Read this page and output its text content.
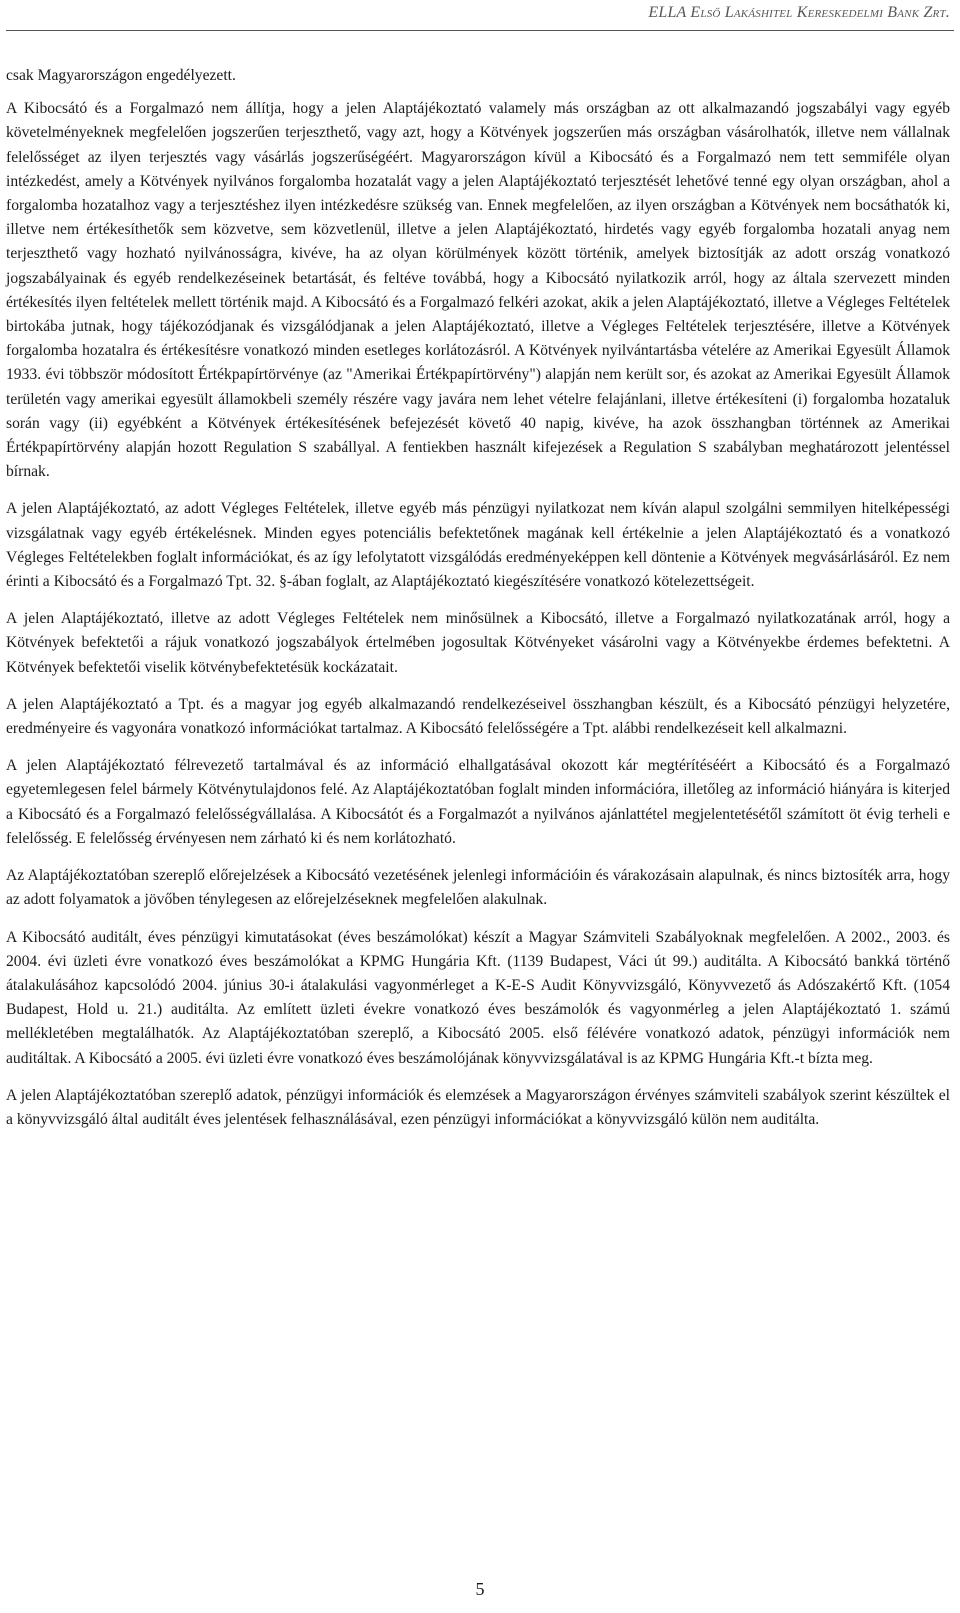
ELLA Első Lakáshitel Kereskedelmi Bank Zrt.

csak Magyarországon engedélyezett.

A Kibocsátó és a Forgalmazó nem állítja, hogy a jelen Alaptájékoztató valamely más országban az ott alkalmazandó jogszabályi vagy egyéb követelményeknek megfelelően jogszerűen terjeszthető, vagy azt, hogy a Kötvények jogszerűen más országban vásárolhatók, illetve nem vállalnak felelősséget az ilyen terjesztés vagy vásárlás jogszerűségéért. Magyarországon kívül a Kibocsátó és a Forgalmazó nem tett semmiféle olyan intézkedést, amely a Kötvények nyilvános forgalomba hozatalát vagy a jelen Alaptájékoztató terjesztését lehetővé tenné egy olyan országban, ahol a forgalomba hozatalhoz vagy a terjesztéshez ilyen intézkedésre szükség van. Ennek megfelelően, az ilyen országban a Kötvények nem bocsáthatók ki, illetve nem értékesíthetők sem közvetve, sem közvetlenül, illetve a jelen Alaptájékoztató, hirdetés vagy egyéb forgalomba hozatali anyag nem terjeszthető vagy hozható nyilvánosságra, kivéve, ha az olyan körülmények között történik, amelyek biztosítják az adott ország vonatkozó jogszabályainak és egyéb rendelkezéseinek betartását, és feltéve továbbá, hogy a Kibocsátó nyilatkozik arról, hogy az általa szervezett minden értékesítés ilyen feltételek mellett történik majd. A Kibocsátó és a Forgalmazó felkéri azokat, akik a jelen Alaptájékoztató, illetve a Végleges Feltételek birtokába jutnak, hogy tájékozódjanak és vizsgálódjanak a jelen Alaptájékoztató, illetve a Végleges Feltételek terjesztésére, illetve a Kötvények forgalomba hozatalra és értékesítésre vonatkozó minden esetleges korlátozásról. A Kötvények nyilvántartásba vételére az Amerikai Egyesült Államok 1933. évi többször módosított Értékpapírtörvénye (az "Amerikai Értékpapírtörvény") alapján nem került sor, és azokat az Amerikai Egyesült Államok területén vagy amerikai egyesült államokbeli személy részére vagy javára nem lehet vételre felajánlani, illetve értékesíteni (i) forgalomba hozataluk során vagy (ii) egyébként a Kötvények értékesítésének befejezését követő 40 napig, kivéve, ha azok összhangban történnek az Amerikai Értékpapírtörvény alapján hozott Regulation S szabállyal. A fentiekben használt kifejezések a Regulation S szabályban meghatározott jelentéssel bírnak.

A jelen Alaptájékoztató, az adott Végleges Feltételek, illetve egyéb más pénzügyi nyilatkozat nem kíván alapul szolgálni semmilyen hitelképességi vizsgálatnak vagy egyéb értékelésnek. Minden egyes potenciális befektetőnek magának kell értékelnie a jelen Alaptájékoztató és a vonatkozó Végleges Feltételekben foglalt információkat, és az így lefolytatott vizsgálódás eredményeképpen kell döntenie a Kötvények megvásárlásáról. Ez nem érinti a Kibocsátó és a Forgalmazó Tpt. 32. §-ában foglalt, az Alaptájékoztató kiegészítésére vonatkozó kötelezettségeit.

A jelen Alaptájékoztató, illetve az adott Végleges Feltételek nem minősülnek a Kibocsátó, illetve a Forgalmazó nyilatkozatának arról, hogy a Kötvények befektetői a rájuk vonatkozó jogszabályok értelmében jogosultak Kötvényeket vásárolni vagy a Kötvényekbe érdemes befektetni. A Kötvények befektetői viselik kötvénybefektetésük kockázatait.

A jelen Alaptájékoztató a Tpt. és a magyar jog egyéb alkalmazandó rendelkezéseivel összhangban készült, és a Kibocsátó pénzügyi helyzetére, eredményeire és vagyonára vonatkozó információkat tartalmaz. A Kibocsátó felelősségére a Tpt. alábbi rendelkezéseit kell alkalmazni.

A jelen Alaptájékoztató félrevezető tartalmával és az információ elhallgatásával okozott kár megtérítéséért a Kibocsátó és a Forgalmazó egyetemlegesen felel bármely Kötvénytulajdonos felé. Az Alaptájékoztatóban foglalt minden információra, illetőleg az információ hiányára is kiterjed a Kibocsátó és a Forgalmazó felelősségvállalása. A Kibocsátót és a Forgalmazót a nyilvános ajánlattétel megjelentetésétől számított öt évig terheli e felelősség. E felelősség érvényesen nem zárható ki és nem korlátozható.

Az Alaptájékoztatóban szereplő előrejelzések a Kibocsátó vezetésének jelenlegi információin és várakozásain alapulnak, és nincs biztosíték arra, hogy az adott folyamatok a jövőben ténylegesen az előrejelzéseknek megfelelően alakulnak.

A Kibocsátó auditált, éves pénzügyi kimutatásokat (éves beszámolókat) készít a Magyar Számviteli Szabályoknak megfelelően. A 2002., 2003. és 2004. évi üzleti évre vonatkozó éves beszámolókat a KPMG Hungária Kft. (1139 Budapest, Váci út 99.) auditálta. A Kibocsátó bankká történő átalakulásához kapcsolódó 2004. június 30-i átalakulási vagyonmérleget a K-E-S Audit Könyvvizsgáló, Könyvvezető ás Adószakértő Kft. (1054 Budapest, Hold u. 21.) auditálta. Az említett üzleti évekre vonatkozó éves beszámolók és vagyonmérleg a jelen Alaptájékoztató 1. számú mellékletében megtalálhatók. Az Alaptájékoztatóban szereplő, a Kibocsátó 2005. első félévére vonatkozó adatok, pénzügyi információk nem auditáltak. A Kibocsátó a 2005. évi üzleti évre vonatkozó éves beszámolójának könyvvizsgálatával is az KPMG Hungária Kft.-t bízta meg.

A jelen Alaptájékoztatóban szereplő adatok, pénzügyi információk és elemzések a Magyarországon érvényes számviteli szabályok szerint készültek el a könyvvizsgáló által auditált éves jelentések felhasználásával, ezen pénzügyi információkat a könyvvizsgáló külön nem auditálta.

5
